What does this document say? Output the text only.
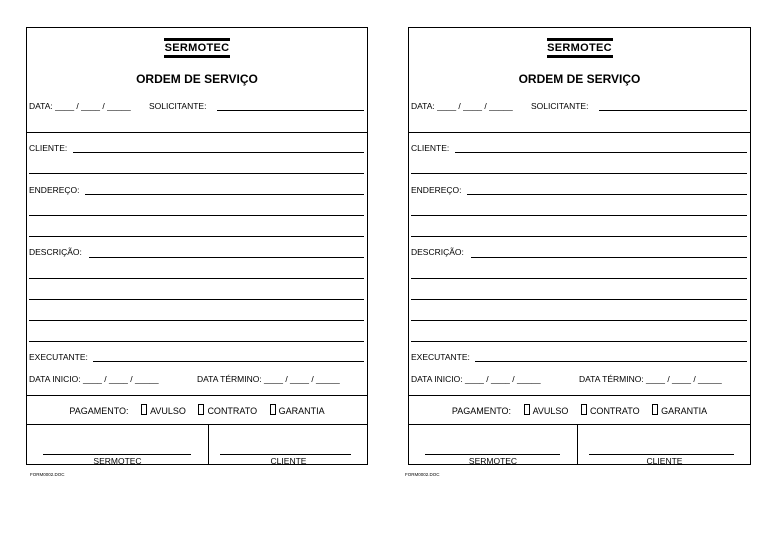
SERMOTEC
ORDEM DE SERVIÇO
DATA: ____ / ____ / _____ SOLICITANTE:
CLIENTE:
ENDEREÇO:
DESCRIÇÃO:
EXECUTANTE:
DATA INICIO: ____ / ____ / _____	DATA TÉRMINO: ____ / ____ / _____
PAGAMENTO: AVULSO CONTRATO GARANTIA
SERMOTEC	CLIENTE
FORM0002.DOC
SERMOTEC
ORDEM DE SERVIÇO
DATA: ____ / ____ / _____ SOLICITANTE:
CLIENTE:
ENDEREÇO:
DESCRIÇÃO:
EXECUTANTE:
DATA INICIO: ____ / ____ / _____	DATA TÉRMINO: ____ / ____ / _____
PAGAMENTO: AVULSO CONTRATO GARANTIA
SERMOTEC	CLIENTE
FORM0002.DOC
